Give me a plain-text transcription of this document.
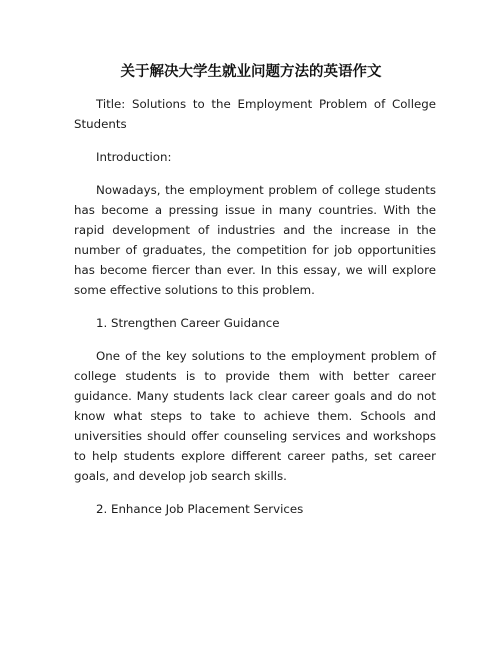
关于解决大学生就业问题方法的英语作文

Title: Solutions to the Employment Problem of College Students

Introduction:

Nowadays, the employment problem of college students has become a pressing issue in many countries. With the rapid development of industries and the increase in the number of graduates, the competition for job opportunities has become fiercer than ever. In this essay, we will explore some effective solutions to this problem.

1. Strengthen Career Guidance

One of the key solutions to the employment problem of college students is to provide them with better career guidance. Many students lack clear career goals and do not know what steps to take to achieve them. Schools and universities should offer counseling services and workshops to help students explore different career paths, set career goals, and develop job search skills.

2. Enhance Job Placement Services
